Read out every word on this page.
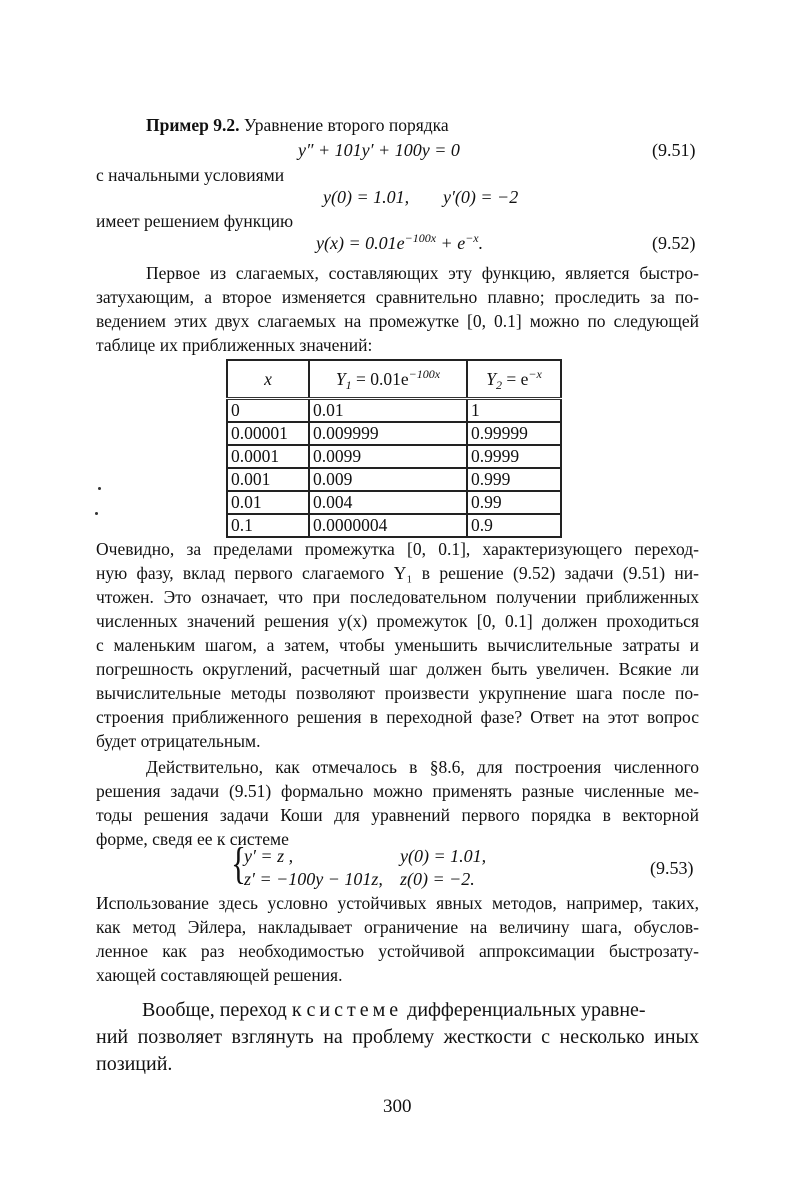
Пример 9.2. Уравнение второго порядка
y″ + 101y′ + 100y = 0	(9.51)
с начальными условиями
y(0) = 1.01, y′(0) = −2
имеет решением функцию
$y(x) = 0.01e^{-100x} + e^{-x}$.	(9.52)
Первое из слагаемых, составляющих эту функцию, является быстро-
затухающим, а второе изменяется сравнительно плавно; проследить за по-
ведением этих двух слагаемых на промежутке [0, 0.1] можно по следующей
таблице их приближенных значений:
x	$Y_1 = 0.01e^{-100x}$	$Y_2 = e^{-x}$
0	0.01	1
0.00001	0.009999	0.99999
0.0001	0.0099	0.9999
0.001	0.009	0.999
0.01	0.004	0.99
0.1	0.0000004	0.9
Очевидно, за пределами промежутка [0, 0.1], характеризующего переход-
ную фазу, вклад первого слагаемого Y₁ в решение (9.52) задачи (9.51) ни-
чтожен. Это означает, что при последовательном получении приближенных
численных значений решения y(x) промежуток [0, 0.1] должен проходиться
с маленьким шагом, а затем, чтобы уменьшить вычислительные затраты и
погрешность округлений, расчетный шаг должен быть увеличен. Всякие ли
вычислительные методы позволяют произвести укрупнение шага после по-
строения приближенного решения в переходной фазе? Ответ на этот вопрос
будет отрицательным.
Действительно, как отмечалось в §8.6, для построения численного
решения задачи (9.51) формально можно применять разные численные ме-
тоды решения задачи Коши для уравнений первого порядка в векторной
форме, сведя ее к системе
{
y′ = z ,	y(0) = 1.01,
z′ = −100y − 101z, z(0) = −2.
(9.53)
Использование здесь условно устойчивых явных методов, например, таких,
как метод Эйлера, накладывает ограничение на величину шага, обуслов-
ленное как раз необходимостью устойчивой аппроксимации быстрозату-
хающей составляющей решения.
Вообще, переход к системе дифференциальных уравне-
ний позволяет взглянуть на проблему жесткости с несколько иных
позиций.
300
